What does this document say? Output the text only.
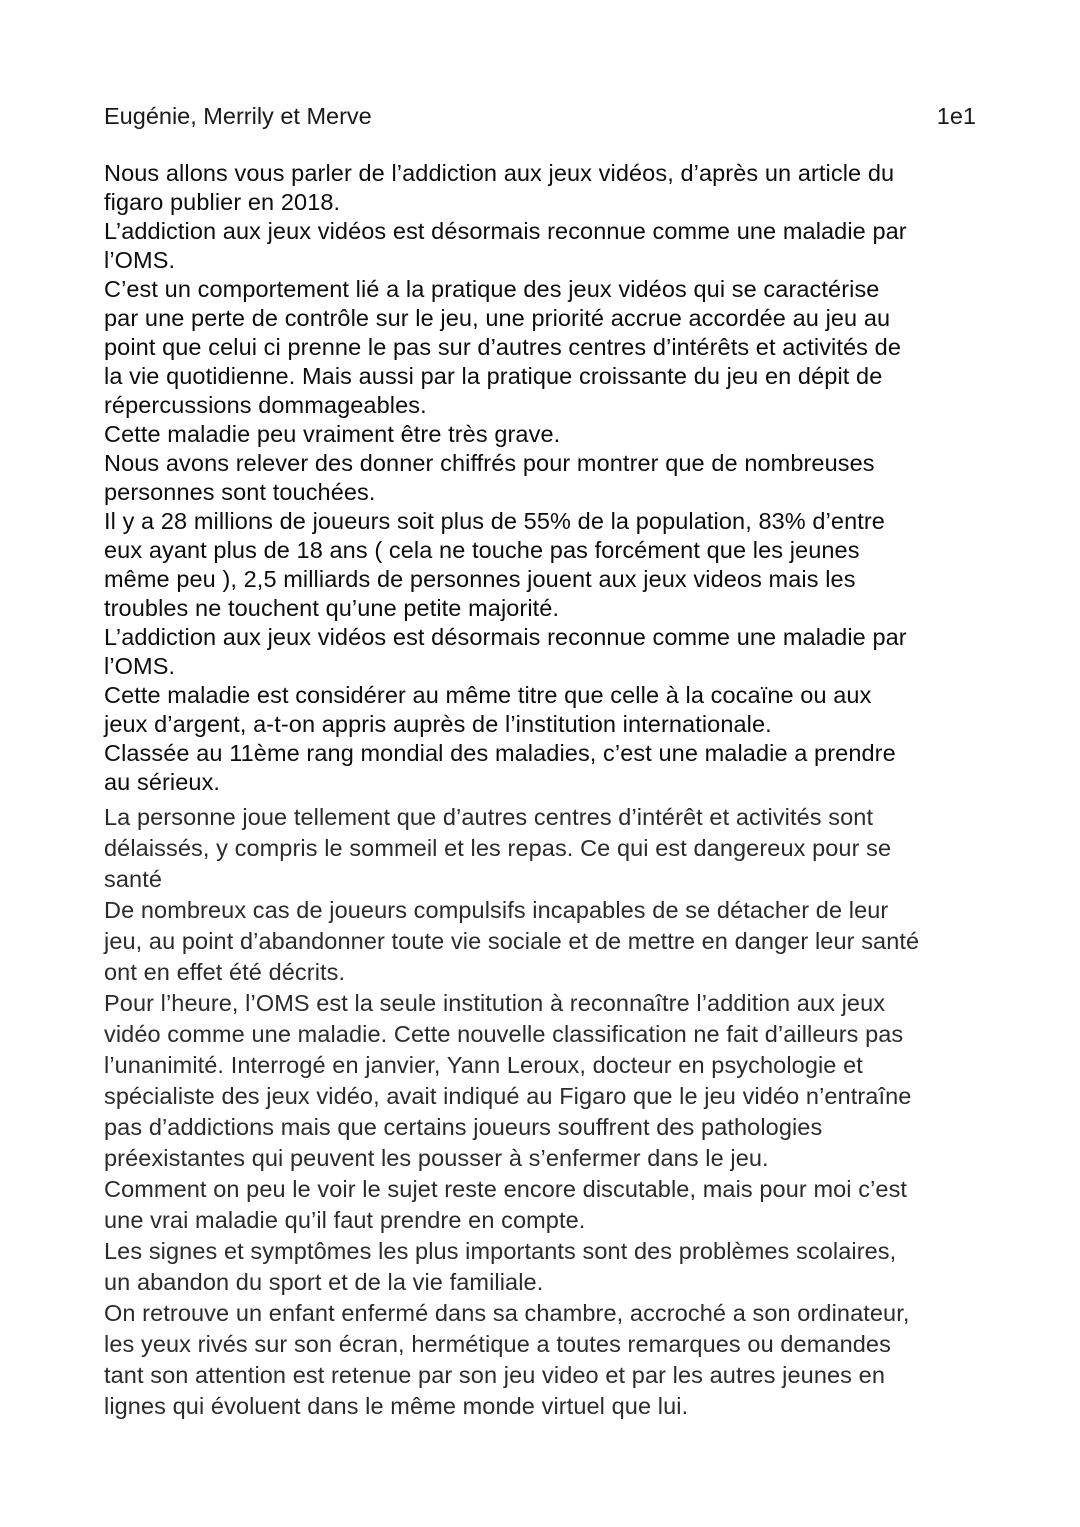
Eugénie, Merrily et Merve	1e1

Nous allons vous parler de l’addiction aux jeux vidéos, d’après un article du

figaro publier en 2018.

L’addiction aux jeux vidéos est désormais reconnue comme une maladie par

l’OMS.

C’est un comportement lié a la pratique des jeux vidéos qui se caractérise

par une perte de contrôle sur le jeu, une priorité accrue accordée au jeu au

point que celui ci prenne le pas sur d’autres centres d’intérêts et activités de

la vie quotidienne. Mais aussi par la pratique croissante du jeu en dépit de

répercussions dommageables.

Cette maladie peu vraiment être très grave.

Nous avons relever des donner chiffrés pour montrer que de nombreuses

personnes sont touchées.

Il y a 28 millions de joueurs soit plus de 55% de la population, 83% d’entre

eux ayant plus de 18 ans ( cela ne touche pas forcément que les jeunes

même peu ), 2,5 milliards de personnes jouent aux jeux videos mais les

troubles ne touchent qu’une petite majorité.

L’addiction aux jeux vidéos est désormais reconnue comme une maladie par

l’OMS.

Cette maladie est considérer au même titre que celle à la cocaïne ou aux

jeux d’argent, a-t-on appris auprès de l’institution internationale.

Classée au 11ème rang mondial des maladies, c’est une maladie a prendre

au sérieux.

La personne joue tellement que d’autres centres d’intérêt et activités sont

délaissés, y compris le sommeil et les repas. Ce qui est dangereux pour se

santé

De nombreux cas de joueurs compulsifs incapables de se détacher de leur

jeu, au point d’abandonner toute vie sociale et de mettre en danger leur santé

ont en effet été décrits.

Pour l’heure, l’OMS est la seule institution à reconnaître l’addition aux jeux

vidéo comme une maladie. Cette nouvelle classification ne fait d’ailleurs pas

l’unanimité. Interrogé en janvier, Yann Leroux, docteur en psychologie et

spécialiste des jeux vidéo, avait indiqué au Figaro que le jeu vidéo n’entraîne

pas d’addictions mais que certains joueurs souffrent des pathologies

préexistantes qui peuvent les pousser à s’enfermer dans le jeu.

Comment on peu le voir le sujet reste encore discutable, mais pour moi c’est

une vrai maladie qu’il faut prendre en compte.

Les signes et symptômes les plus importants sont des problèmes scolaires,

un abandon du sport et de la vie familiale.

On retrouve un enfant enfermé dans sa chambre, accroché a son ordinateur,

les yeux rivés sur son écran, hermétique a toutes remarques ou demandes

tant son attention est retenue par son jeu video et par les autres jeunes en

lignes qui évoluent dans le même monde virtuel que lui.
